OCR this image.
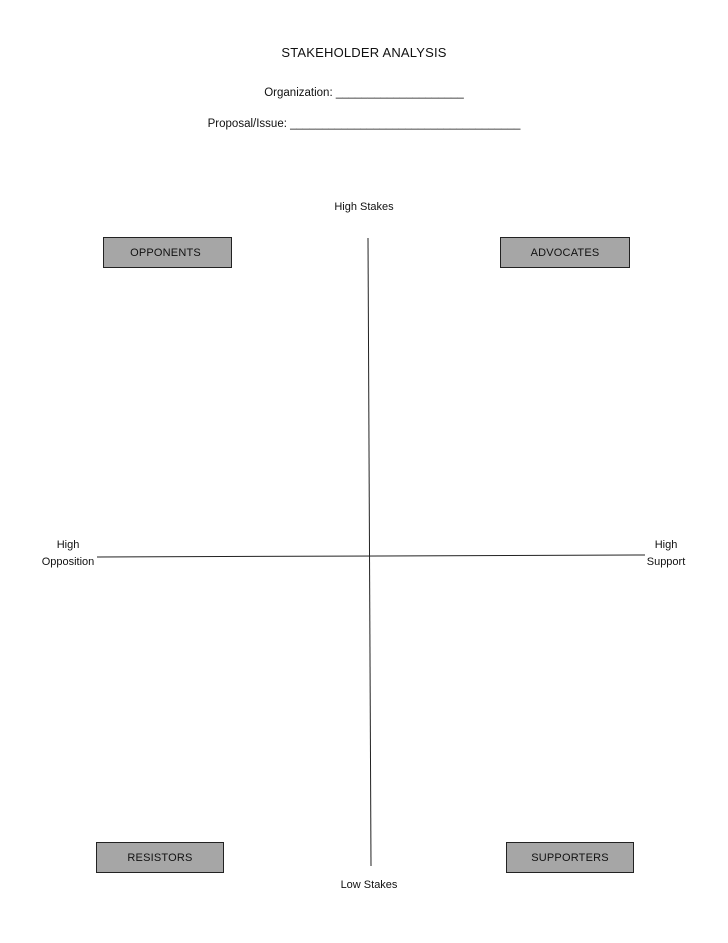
STAKEHOLDER ANALYSIS
Organization: ____________________
Proposal/Issue: ____________________________________
High Stakes
Low Stakes
High
Opposition
High
Support
OPPONENTS	ADVOCATES
RESISTORS	SUPPORTERS
